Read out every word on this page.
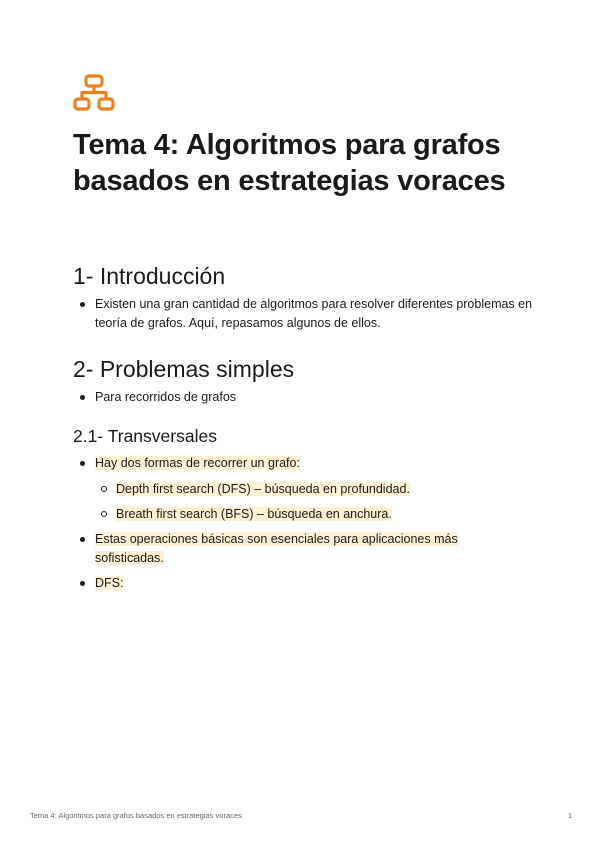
Tema 4: Algoritmos para grafos basados en estrategias voraces
1- Introducción
Existen una gran cantidad de algoritmos para resolver diferentes problemas en teoría de grafos. Aquí, repasamos algunos de ellos.
2- Problemas simples
Para recorridos de grafos
2.1- Transversales
Hay dos formas de recorrer un grafo:
Depth first search (DFS) – búsqueda en profundidad.
Breath first search (BFS) – búsqueda en anchura.
Estas operaciones básicas son esenciales para aplicaciones más sofisticadas.
DFS:
Tema 4: Algoritmos para grafos basados en estrategias voraces	1
